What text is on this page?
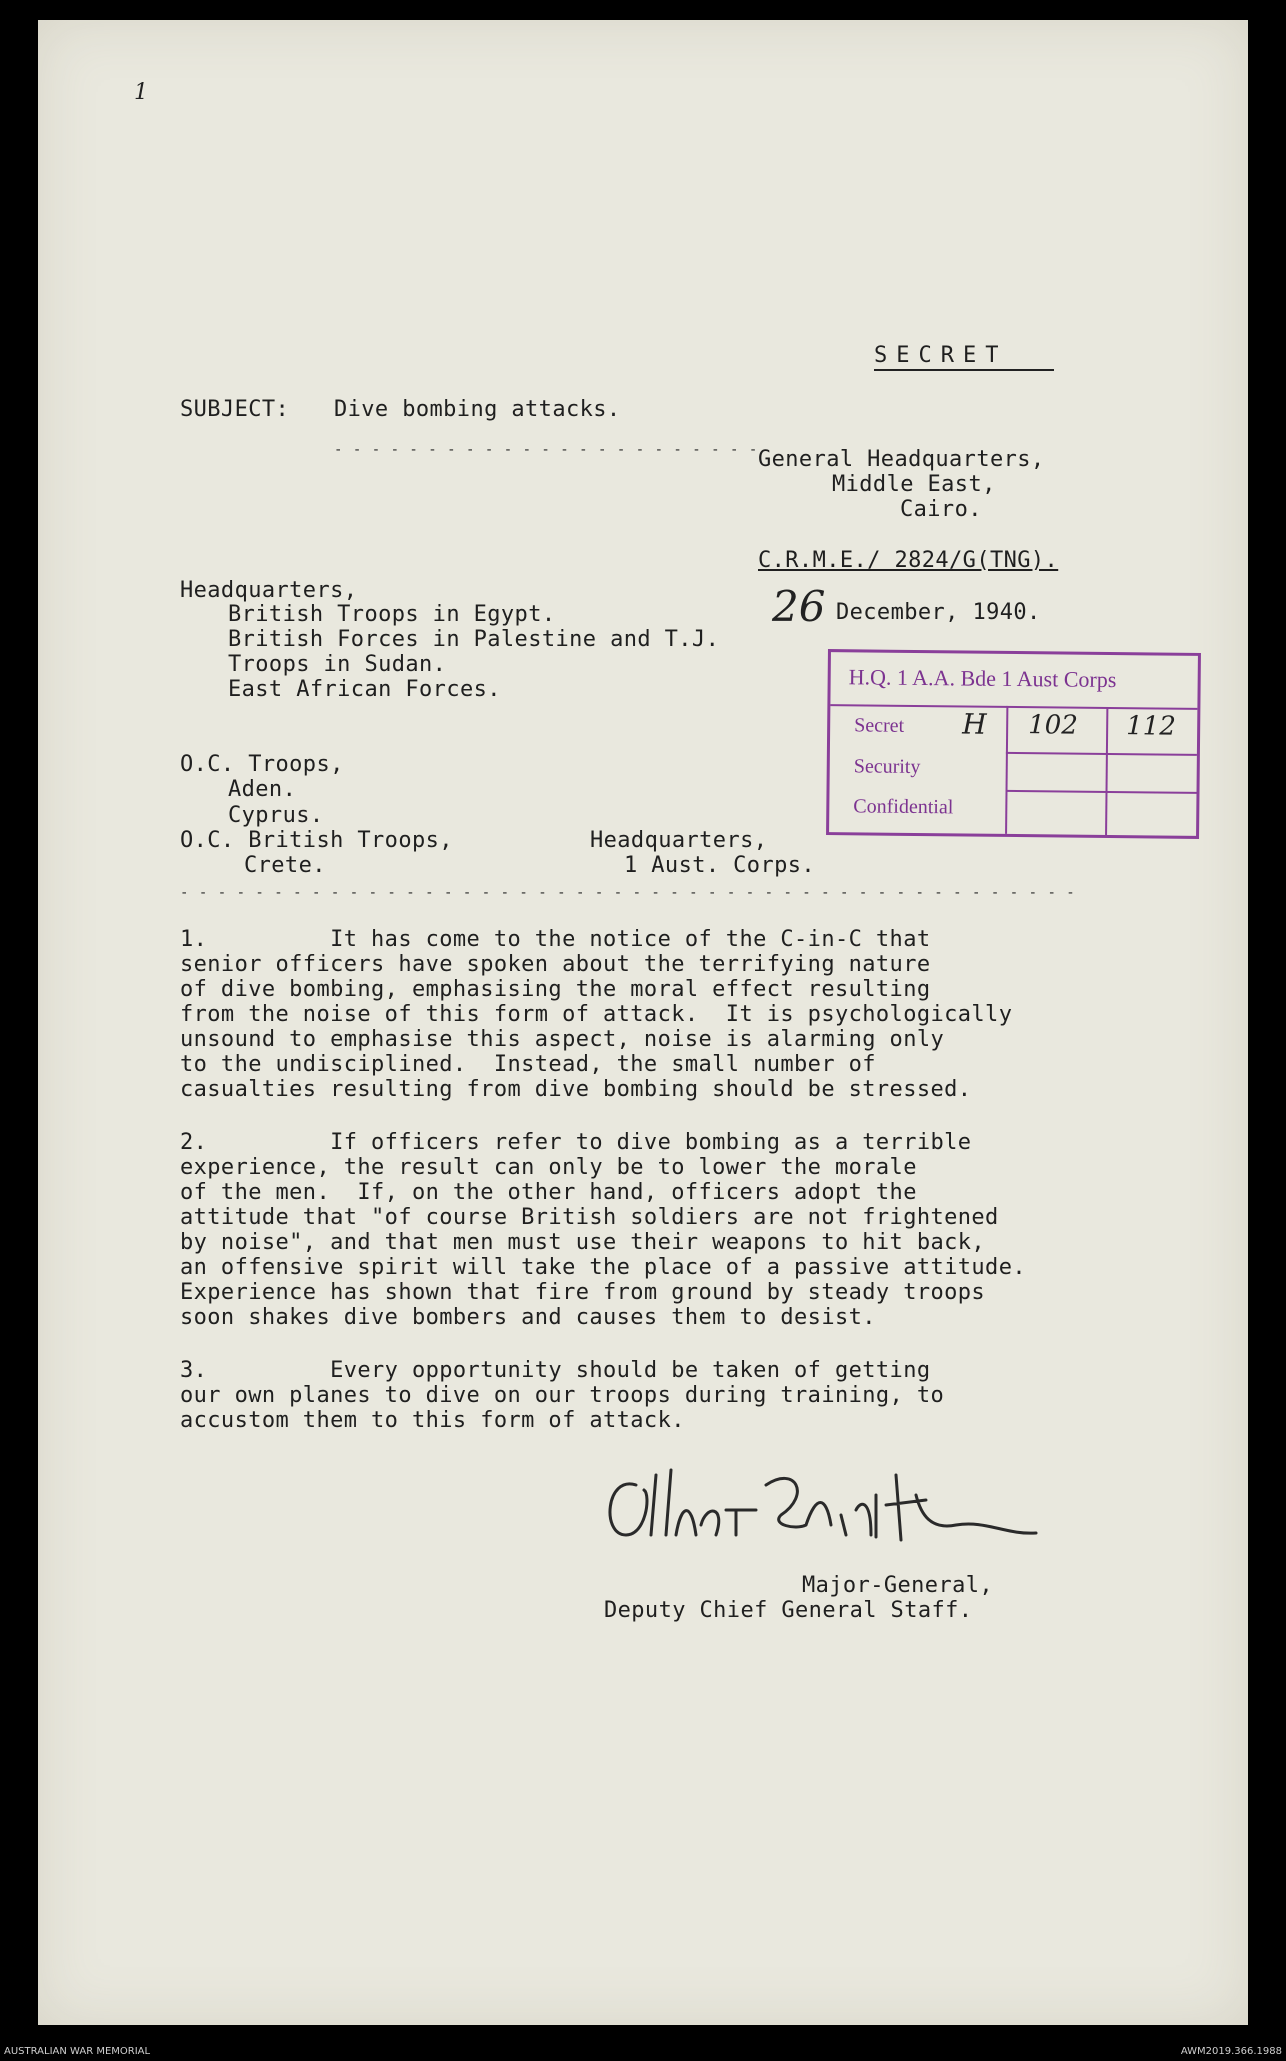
1
SECRET
SUBJECT: Dive bombing attacks.
- - - - - - - - - - - - - - - - - - - - - - - General Headquarters,
Middle East,
Cairo.
C.R.M.E./ 2824/G(TNG).
Headquarters,
British Troops in Egypt.
British Forces in Palestine and T.J.
Troops in Sudan.
East African Forces.
26 December, 1940.
H.Q. 1 A.A. Bde 1 Aust Corps
Secret
Security
Confidential
H 102 112
O.C. Troops,
Aden.
Cyprus.
O.C. British Troops,
Crete.
Headquarters,
1 Aust. Corps.
- - - - - - - - - - - - - - - - - - - - - - - - - - - - - - - - - - - - - - - - - - - - - - - -
1.         It has come to the notice of the C-in-C that
senior officers have spoken about the terrifying nature
of dive bombing, emphasising the moral effect resulting
from the noise of this form of attack.  It is psychologically
unsound to emphasise this aspect, noise is alarming only
to the undisciplined.  Instead, the small number of
casualties resulting from dive bombing should be stressed.
2.         If officers refer to dive bombing as a terrible
experience, the result can only be to lower the morale
of the men.  If, on the other hand, officers adopt the
attitude that "of course British soldiers are not frightened
by noise", and that men must use their weapons to hit back,
an offensive spirit will take the place of a passive attitude.
Experience has shown that fire from ground by steady troops
soon shakes dive bombers and causes them to desist.
3.         Every opportunity should be taken of getting
our own planes to dive on our troops during training, to
accustom them to this form of attack.
Major-General,
Deputy Chief General Staff.
AUSTRALIAN WAR MEMORIAL	AWM2019.366.1988
